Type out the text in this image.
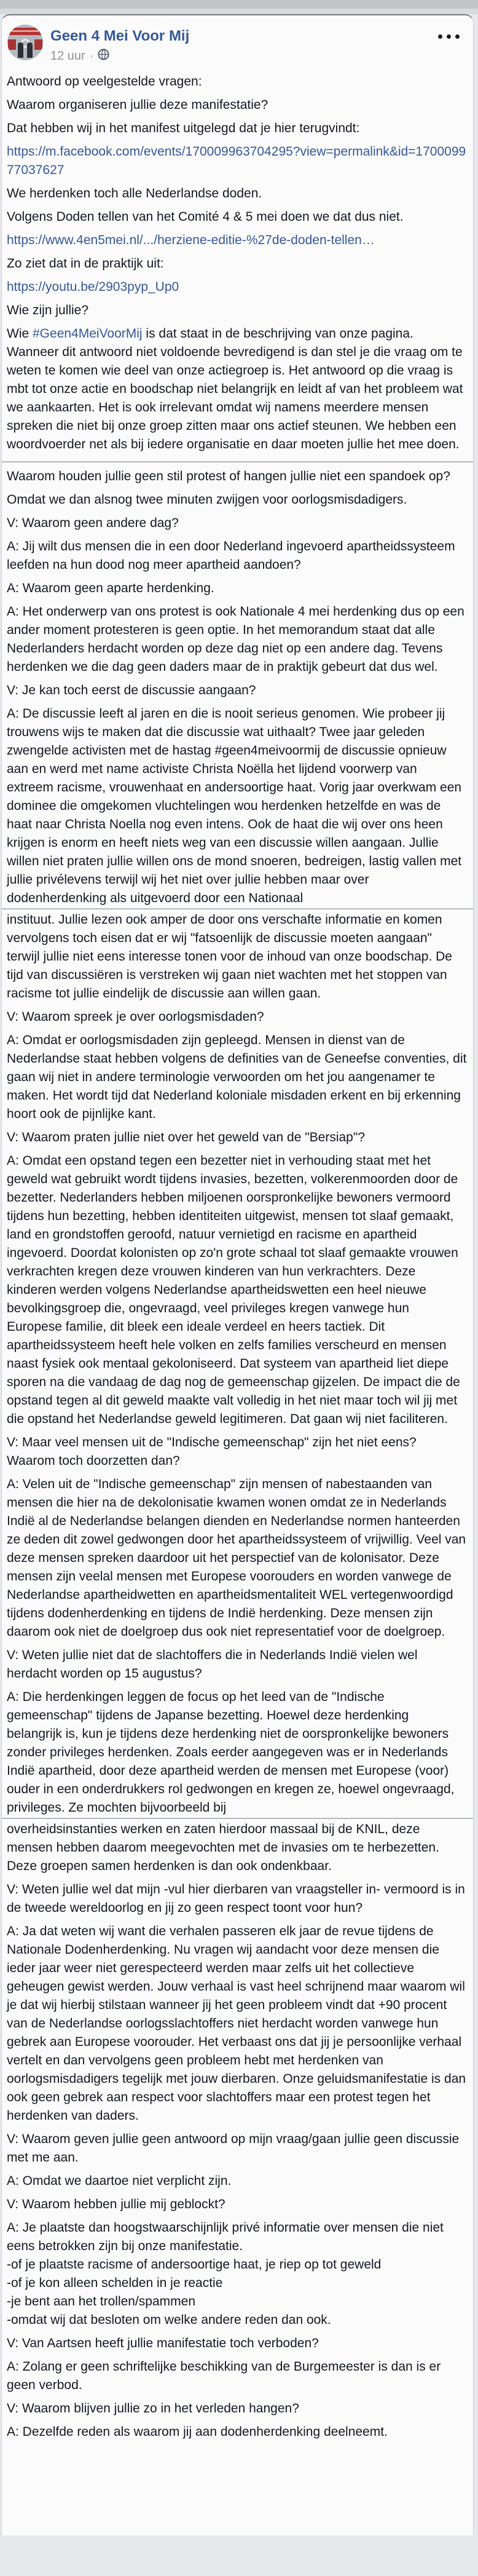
Geen 4 Mei Voor Mij
12 uur ·

Antwoord op veelgestelde vragen:

Waarom organiseren jullie deze manifestatie?

Dat hebben wij in het manifest uitgelegd dat je hier terugvindt:

https://m.facebook.com/events/170009963704295?view=permalink&id=170009977037627

We herdenken toch alle Nederlandse doden.

Volgens Doden tellen van het Comité 4 & 5 mei doen we dat dus niet.

https://www.4en5mei.nl/.../herziene-editie-%27de-doden-tellen…

Zo ziet dat in de praktijk uit:

https://youtu.be/2903pyp_Up0

Wie zijn jullie?

Wie #Geen4MeiVoorMij is dat staat in de beschrijving van onze pagina. Wanneer dit antwoord niet voldoende bevredigend is dan stel je die vraag om te weten te komen wie deel van onze actiegroep is. Het antwoord op die vraag is mbt tot onze actie en boodschap niet belangrijk en leidt af van het probleem wat we aankaarten. Het is ook irrelevant omdat wij namens meerdere mensen spreken die niet bij onze groep zitten maar ons actief steunen. We hebben een woordvoerder net als bij iedere organisatie en daar moeten jullie het mee doen.

Waarom houden jullie geen stil protest of hangen jullie niet een spandoek op?

Omdat we dan alsnog twee minuten zwijgen voor oorlogsmisdadigers.

V: Waarom geen andere dag?

A: Jij wilt dus mensen die in een door Nederland ingevoerd apartheidssysteem leefden na hun dood nog meer apartheid aandoen?

A: Waarom geen aparte herdenking.

A: Het onderwerp van ons protest is ook Nationale 4 mei herdenking dus op een ander moment protesteren is geen optie. In het memorandum staat dat alle Nederlanders herdacht worden op deze dag niet op een andere dag. Tevens herdenken we die dag geen daders maar de in praktijk gebeurt dat dus wel.

V: Je kan toch eerst de discussie aangaan?

A: De discussie leeft al jaren en die is nooit serieus genomen. Wie probeer jij trouwens wijs te maken dat die discussie wat uithaalt? Twee jaar geleden zwengelde activisten met de hastag #geen4meivoormij de discussie opnieuw aan en werd met name activiste Christa Noëlla het lijdend voorwerp van extreem racisme, vrouwenhaat en andersoortige haat. Vorig jaar overkwam een dominee die omgekomen vluchtelingen wou herdenken hetzelfde en was de haat naar Christa Noella nog even intens. Ook de haat die wij over ons heen krijgen is enorm en heeft niets weg van een discussie willen aangaan. Jullie willen niet praten jullie willen ons de mond snoeren, bedreigen, lastig vallen met jullie privélevens terwijl wij het niet over jullie hebben maar over dodenherdenking als uitgevoerd door een Nationaal

instituut. Jullie lezen ook amper de door ons verschafte informatie en komen vervolgens toch eisen dat er wij "fatsoenlijk de discussie moeten aangaan" terwijl jullie niet eens interesse tonen voor de inhoud van onze boodschap. De tijd van discussiëren is verstreken wij gaan niet wachten met het stoppen van racisme tot jullie eindelijk de discussie aan willen gaan.

V: Waarom spreek je over oorlogsmisdaden?

A: Omdat er oorlogsmisdaden zijn gepleegd. Mensen in dienst van de Nederlandse staat hebben volgens de definities van de Geneefse conventies, dit gaan wij niet in andere terminologie verwoorden om het jou aangenamer te maken. Het wordt tijd dat Nederland koloniale misdaden erkent en bij erkenning hoort ook de pijnlijke kant.

V: Waarom praten jullie niet over het geweld van de "Bersiap"?

A: Omdat een opstand tegen een bezetter niet in verhouding staat met het geweld wat gebruikt wordt tijdens invasies, bezetten, volkerenmoorden door de bezetter. Nederlanders hebben miljoenen oorspronkelijke bewoners vermoord tijdens hun bezetting, hebben identiteiten uitgewist, mensen tot slaaf gemaakt, land en grondstoffen geroofd, natuur vernietigd en racisme en apartheid ingevoerd. Doordat kolonisten op zo'n grote schaal tot slaaf gemaakte vrouwen verkrachten kregen deze vrouwen kinderen van hun verkrachters. Deze kinderen werden volgens Nederlandse apartheidswetten een heel nieuwe bevolkingsgroep die, ongevraagd, veel privileges kregen vanwege hun Europese familie, dit bleek een ideale verdeel en heers tactiek. Dit apartheidssysteem heeft hele volken en zelfs families verscheurd en mensen naast fysiek ook mentaal gekoloniseerd. Dat systeem van apartheid liet diepe sporen na die vandaag de dag nog de gemeenschap gijzelen. De impact die de opstand tegen al dit geweld maakte valt volledig in het niet maar toch wil jij met die opstand het Nederlandse geweld legitimeren. Dat gaan wij niet faciliteren.

V: Maar veel mensen uit de "Indische gemeenschap" zijn het niet eens? Waarom toch doorzetten dan?

A: Velen uit de "Indische gemeenschap" zijn mensen of nabestaanden van mensen die hier na de dekolonisatie kwamen wonen omdat ze in Nederlands Indië al de Nederlandse belangen dienden en Nederlandse normen hanteerden ze deden dit zowel gedwongen door het apartheidssysteem of vrijwillig. Veel van deze mensen spreken daardoor uit het perspectief van de kolonisator. Deze mensen zijn veelal mensen met Europese voorouders en worden vanwege de Nederlandse apartheidwetten en apartheidsmentaliteit WEL vertegenwoordigd tijdens dodenherdenking en tijdens de Indië herdenking. Deze mensen zijn daarom ook niet de doelgroep dus ook niet representatief voor de doelgroep.

V: Weten jullie niet dat de slachtoffers die in Nederlands Indië vielen wel herdacht worden op 15 augustus?

A: Die herdenkingen leggen de focus op het leed van de "Indische gemeenschap" tijdens de Japanse bezetting. Hoewel deze herdenking belangrijk is, kun je tijdens deze herdenking niet de oorspronkelijke bewoners zonder privileges herdenken. Zoals eerder aangegeven was er in Nederlands Indië apartheid, door deze apartheid werden de mensen met Europese (voor) ouder in een onderdrukkers rol gedwongen en kregen ze, hoewel ongevraagd, privileges. Ze mochten bijvoorbeeld bij

overheidsinstanties werken en zaten hierdoor massaal bij de KNIL, deze mensen hebben daarom meegevochten met de invasies om te herbezetten. Deze groepen samen herdenken is dan ook ondenkbaar.

V: Weten jullie wel dat mijn -vul hier dierbaren van vraagsteller in- vermoord is in de tweede wereldoorlog en jij zo geen respect toont voor hun?

A: Ja dat weten wij want die verhalen passeren elk jaar de revue tijdens de Nationale Dodenherdenking. Nu vragen wij aandacht voor deze mensen die ieder jaar weer niet gerespecteerd werden maar zelfs uit het collectieve geheugen gewist werden. Jouw verhaal is vast heel schrijnend maar waarom wil je dat wij hierbij stilstaan wanneer jij het geen probleem vindt dat +90 procent van de Nederlandse oorlogsslachtoffers niet herdacht worden vanwege hun gebrek aan Europese voorouder. Het verbaast ons dat jij je persoonlijke verhaal vertelt en dan vervolgens geen probleem hebt met herdenken van oorlogsmisdadigers tegelijk met jouw dierbaren. Onze geluidsmanifestatie is dan ook geen gebrek aan respect voor slachtoffers maar een protest tegen het herdenken van daders.

V: Waarom geven jullie geen antwoord op mijn vraag/gaan jullie geen discussie met me aan.

A: Omdat we daartoe niet verplicht zijn.

V: Waarom hebben jullie mij geblockt?

A: Je plaatste dan hoogstwaarschijnlijk privé informatie over mensen die niet eens betrokken zijn bij onze manifestatie.
-of je plaatste racisme of andersoortige haat, je riep op tot geweld
-of je kon alleen schelden in je reactie
-je bent aan het trollen/spammen
-omdat wij dat besloten om welke andere reden dan ook.

V: Van Aartsen heeft jullie manifestatie toch verboden?

A: Zolang er geen schriftelijke beschikking van de Burgemeester is dan is er geen verbod.

V: Waarom blijven jullie zo in het verleden hangen?

A: Dezelfde reden als waarom jij aan dodenherdenking deelneemt.
